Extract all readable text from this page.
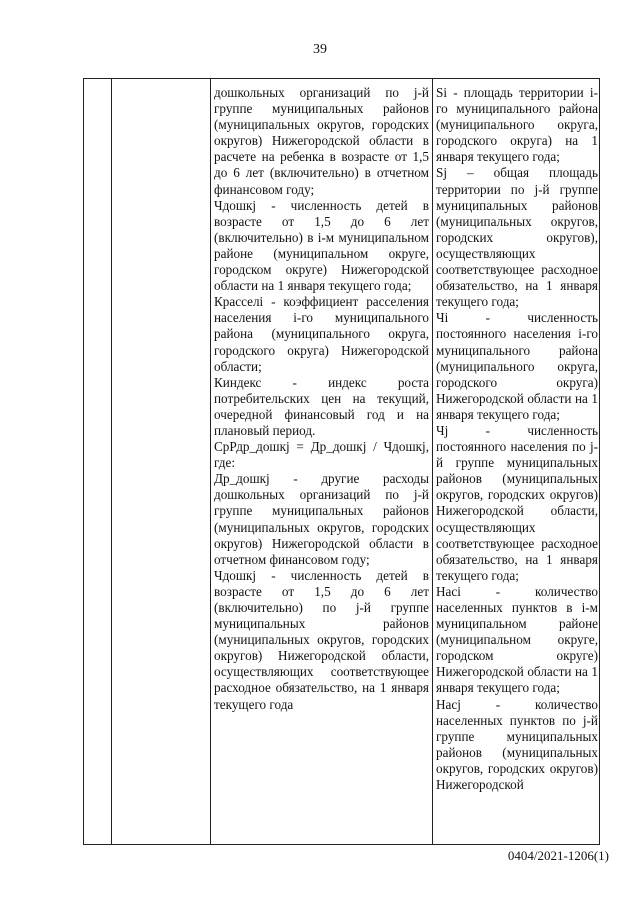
39

дошкольных организаций по j-й группе муниципальных районов (муниципальных округов, городских округов) Нижегородской области в расчете на ребенка в возрасте от 1,5 до 6 лет (включительно) в отчетном финансовом году;

Чдошкj - численность детей в возрасте от 1,5 до 6 лет (включительно) в i-м муниципальном районе (муниципальном округе, городском округе) Нижегородской области на 1 января текущего года;

Красселi - коэффициент расселения населения i-го муниципального района (муниципального округа, городского округа) Нижегородской области;

Киндекс - индекс роста потребительских цен на текущий, очередной финансовый год и на плановый период.

СрРдр_дошкj = Др_дошкj / Чдошкj, где:

Др_дошкj - другие расходы дошкольных организаций по j-й группе муниципальных районов (муниципальных округов, городских округов) Нижегородской области в отчетном финансовом году;

Чдошкj - численность детей в возрасте от 1,5 до 6 лет (включительно) по j-й группе муниципальных районов (муниципальных округов, городских округов) Нижегородской области, осуществляющих соответствующее расходное обязательство, на 1 января текущего года

Si - площадь территории i-го муниципального района (муниципального округа, городского округа) на 1 января текущего года;

Sj – общая площадь территории по j-й группе муниципальных районов (муниципальных округов, городских округов), осуществляющих соответствующее расходное обязательство, на 1 января текущего года;

Чi - численность постоянного населения i-го муниципального района (муниципального округа, городского округа) Нижегородской области на 1 января текущего года;

Чj - численность постоянного населения по j-й группе муниципальных районов (муниципальных округов, городских округов) Нижегородской области, осуществляющих соответствующее расходное обязательство, на 1 января текущего года;

Насi - количество населенных пунктов в i-м муниципальном районе (муниципальном округе, городском округе) Нижегородской области на 1 января текущего года;

Насj - количество населенных пунктов по j-й группе муниципальных районов (муниципальных округов, городских округов) Нижегородской

0404/2021-1206(1)
